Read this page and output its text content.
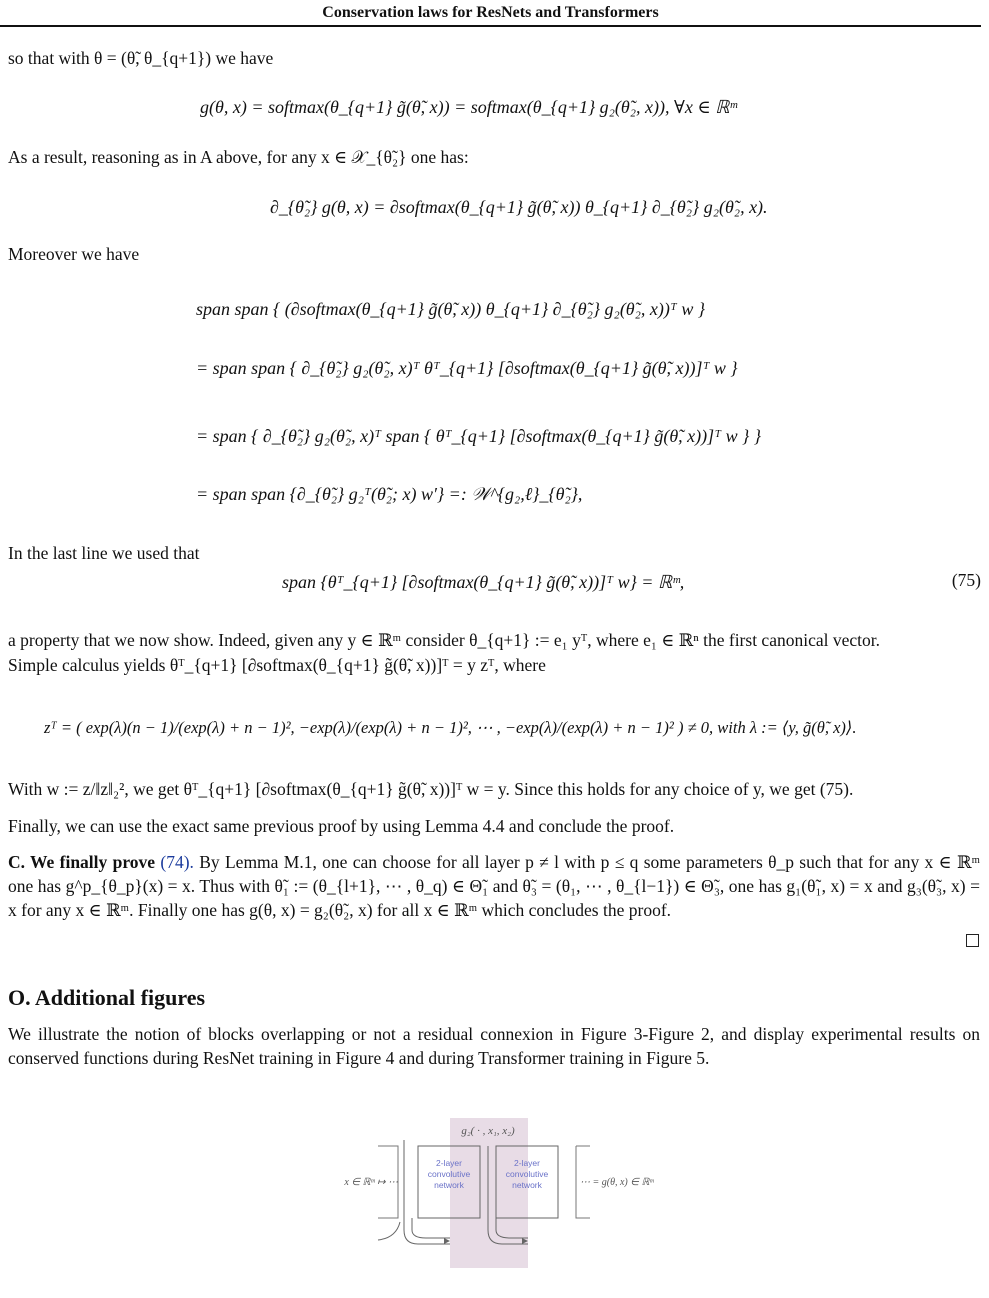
Conservation laws for ResNets and Transformers
so that with θ = (θ̃, θ_{q+1}) we have
g(θ, x) = softmax(θ_{q+1} g̃(θ̃, x)) = softmax(θ_{q+1} g₂(θ̃₂, x)), ∀x ∈ ℝᵐ
As a result, reasoning as in A above, for any x ∈ 𝒳_{θ̃₂} one has:
∂_{θ̃₂} g(θ, x) = ∂softmax(θ_{q+1} g̃(θ̃, x)) θ_{q+1} ∂_{θ̃₂} g₂(θ̃₂, x).
Moreover we have
span span { (∂softmax(θ_{q+1} g̃(θ̃, x)) θ_{q+1} ∂_{θ̃₂} g₂(θ̃₂, x))ᵀ w }
= span span { ∂_{θ̃₂} g₂(θ̃₂, x)ᵀ θᵀ_{q+1} [∂softmax(θ_{q+1} g̃(θ̃, x))]ᵀ w }
= span { ∂_{θ̃₂} g₂(θ̃₂, x)ᵀ span { θᵀ_{q+1} [∂softmax(θ_{q+1} g̃(θ̃, x))]ᵀ w } }
= span span {∂_{θ̃₂} g₂ᵀ(θ̃₂; x) w′} =: 𝒲^{g₂,ℓ}_{θ̃₂},
In the last line we used that
span {θᵀ_{q+1} [∂softmax(θ_{q+1} g̃(θ̃, x))]ᵀ w} = ℝᵐ,	(75)
a property that we now show. Indeed, given any y ∈ ℝᵐ consider θ_{q+1} := e₁ yᵀ, where e₁ ∈ ℝⁿ the first canonical vector.
Simple calculus yields θᵀ_{q+1} [∂softmax(θ_{q+1} g̃(θ̃, x))]ᵀ = y zᵀ, where
zᵀ = ( exp(λ)(n − 1)/(exp(λ) + n − 1)², −exp(λ)/(exp(λ) + n − 1)², ⋯ , −exp(λ)/(exp(λ) + n − 1)² ) ≠ 0, with λ := ⟨y, g̃(θ̃, x)⟩.
With w := z/‖z‖₂², we get θᵀ_{q+1} [∂softmax(θ_{q+1} g̃(θ̃, x))]ᵀ w = y. Since this holds for any choice of y, we get (75).
Finally, we can use the exact same previous proof by using Lemma 4.4 and conclude the proof.
C. We finally prove (74). By Lemma M.1, one can choose for all layer p ≠ l with p ≤ q some parameters θ_p such that for any x ∈ ℝᵐ one has g^p_{θ_p}(x) = x. Thus with θ̃₁ := (θ_{l+1}, ⋯ , θ_q) ∈ Θ̃₁ and θ̃₃ = (θ₁, ⋯ , θ_{l−1}) ∈ Θ̃₃, one has g₁(θ̃₁, x) = x and g₃(θ̃₃, x) = x for any x ∈ ℝᵐ. Finally one has g(θ, x) = g₂(θ̃₂, x) for all x ∈ ℝᵐ which concludes the proof.
O. Additional figures
We illustrate the notion of blocks overlapping or not a residual connexion in Figure 3-Figure 2, and display experimental results on conserved functions during ResNet training in Figure 4 and during Transformer training in Figure 5.
g₂( · , x₁, x₂)
x ∈ ℝᵐ ↦ ⋯	⋯ = g(θ, x) ∈ ℝᵐ
2-layer
convolutive
network
2-layer
convolutive
network
